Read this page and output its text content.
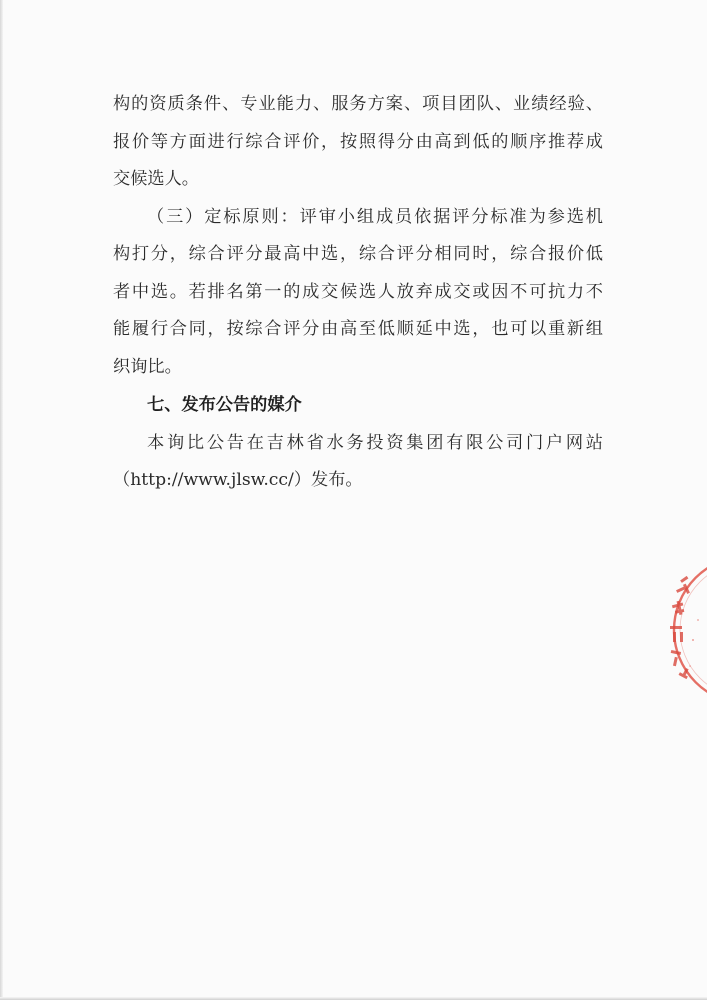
构的资质条件、专业能力、服务方案、项目团队、业绩经验、
报价等方面进行综合评价，按照得分由高到低的顺序推荐成
交候选人。
（三）定标原则：评审小组成员依据评分标准为参选机
构打分，综合评分最高中选，综合评分相同时，综合报价低
者中选。若排名第一的成交候选人放弃成交或因不可抗力不
能履行合同，按综合评分由高至低顺延中选，也可以重新组
织询比。
七、发布公告的媒介
本询比公告在吉林省水务投资集团有限公司门户网站
（http://www.jlsw.cc/）发布。
